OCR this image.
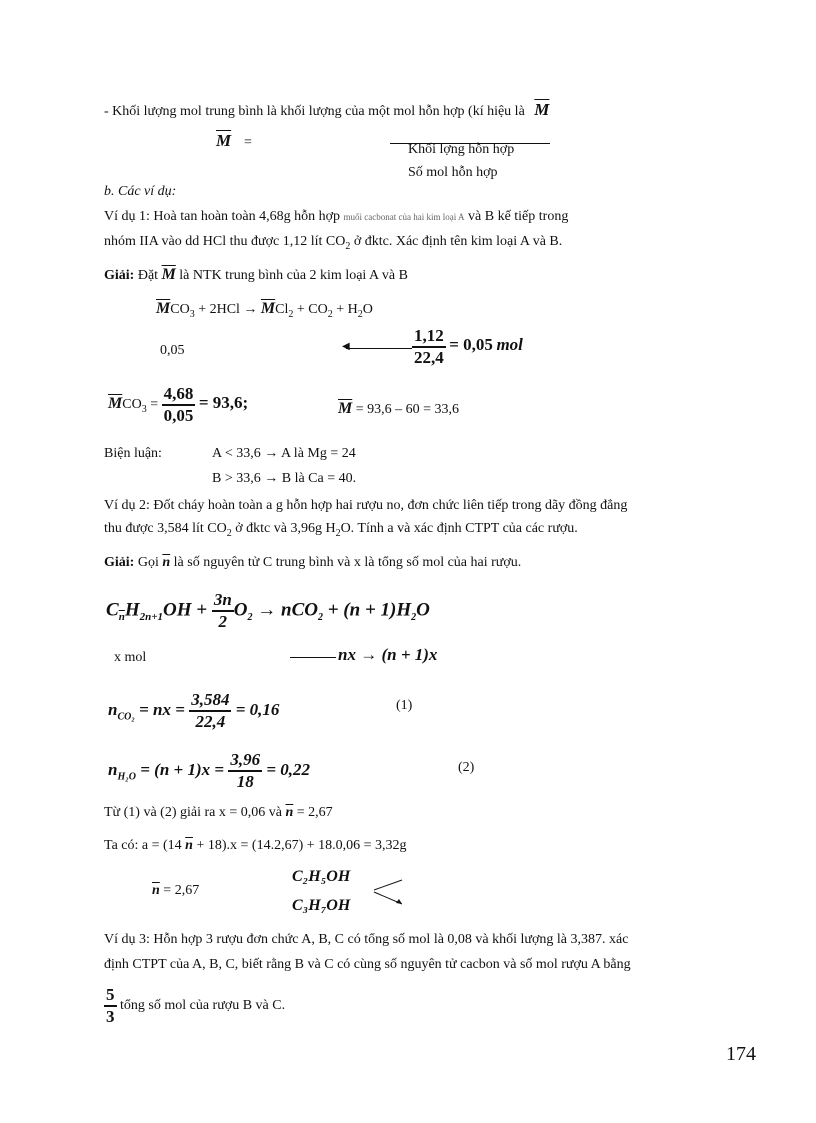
- Khối lượng mol trung bình là khối lượng của một mol hỗn hợp (kí hiệu là $\overline{M}$
$\overline{M}$ =	Khối lợng hỗn hợp
Số mol hỗn hợp
b. Các ví dụ:
Ví dụ 1: Hoà tan hoàn toàn 4,68g hỗn hợp muối cacbonat của hai kim loại A và B kế tiếp trong
nhóm IIA vào dd HCl thu được 1,12 lít $CO_2$ ở đktc. Xác định tên kim loại A và B.
Giải: Đặt $\overline{M}$ là NTK trung bình của 2 kim loại A và B
$\overline{M}CO_3 + 2HCl \to \overline{M}Cl_2 + CO_2 + H_2O$
0,05	◀	$\frac{1,12}{22,4} = 0,05$ mol
$\overline{M}CO_3 = \frac{4,68}{0,05} = 93,6$;	$\overline{M} = 93,6 - 60 = 33,6$
Biện luận:	A < 33,6 → A là Mg = 24
B > 33,6 → B là Ca = 40.
Ví dụ 2: Đốt cháy hoàn toàn a g hỗn hợp hai rượu no, đơn chức liên tiếp trong dãy đồng đẳng
thu được 3,584 lít $CO_2$ ở đktc và 3,96g $H_2O$. Tính a và xác định CTPT của các rượu.
Giải: Gọi $\overline{n}$ là số nguyên tử C trung bình và x là tổng số mol của hai rượu.
$C_{\overline{n}}H_{2n+1}OH + \frac{3n}{2} O_2 \to nCO_2 + (n + 1)H_2O$
x mol	nx → (n + 1)x
$n_{CO_2}$ = nx = $\frac{3,584}{22,4} = 0,16$	(1)
$n_{H_2O} = (n + 1)x = \frac{3,96}{18} = 0,22$	(2)
Từ (1) và (2) giải ra x = 0,06 và $\overline{n} = 2,67$
Ta có: a = (14 $\overline{n} + 18).x = (14.2,67) + 18.0,06 = 3,32g$
$\overline{n} = 2,67$
C₂H₅OH
C₃H₇OH
Ví dụ 3: Hỗn hợp 3 rượu đơn chức A, B, C có tổng số mol là 0,08 và khối lượng là 3,387. xác
định CTPT của A, B, C, biết rằng B và C có cùng số nguyên tử cacbon và số mol rượu A bằng
$\frac{5}{3}$ tổng số mol của rượu B và C.
174
